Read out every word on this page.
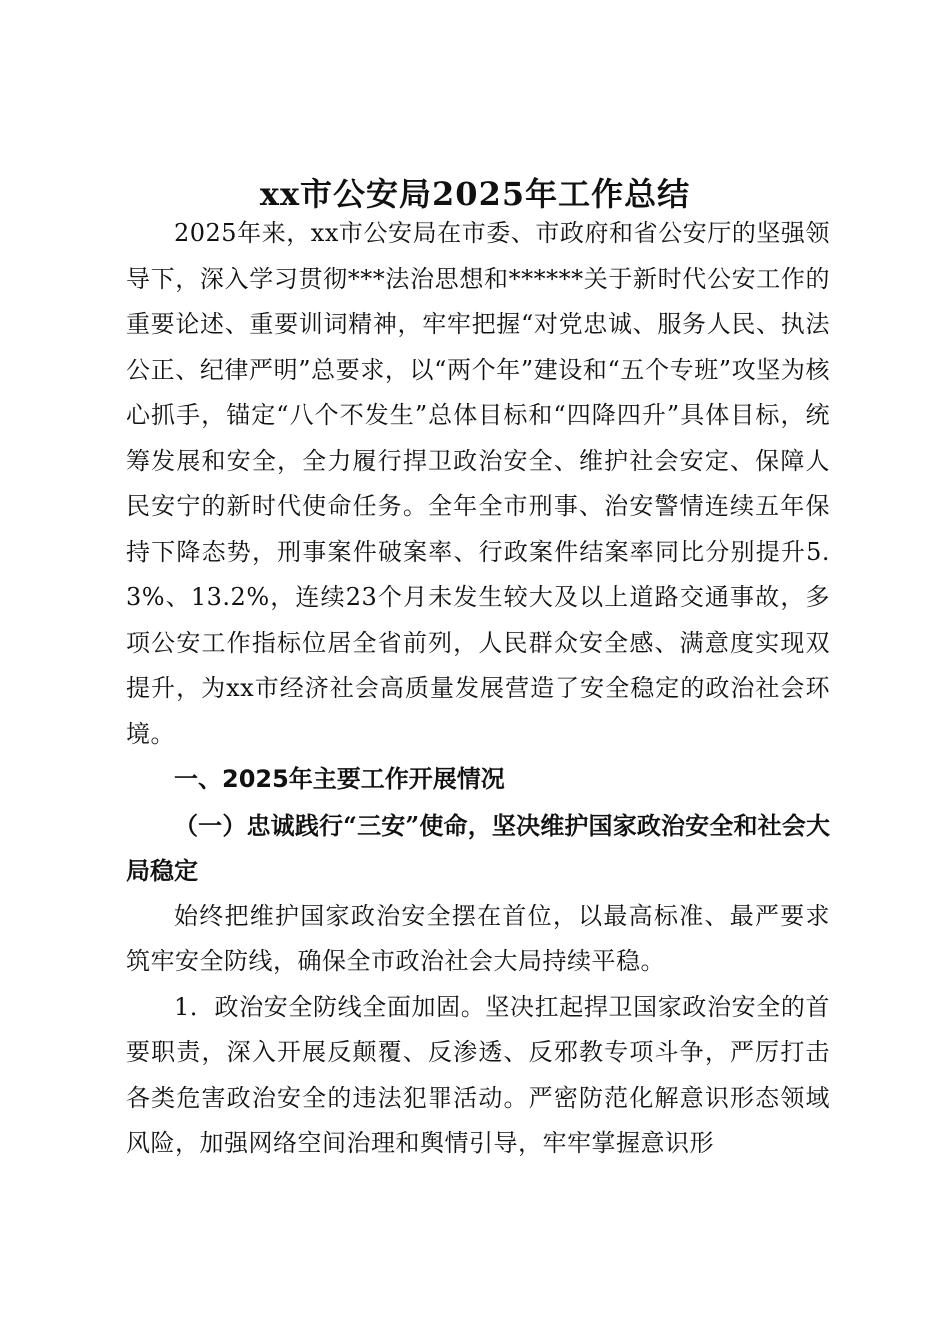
xx市公安局2025年工作总结

2025年来，xx市公安局在市委、市政府和省公安厅的坚强领导下，深入学习贯彻***法治思想和******关于新时代公安工作的重要论述、重要训词精神，牢牢把握“对党忠诚、服务人民、执法公正、纪律严明”总要求，以“两个年”建设和“五个专班”攻坚为核心抓手，锚定“八个不发生”总体目标和“四降四升”具体目标，统筹发展和安全，全力履行捍卫政治安全、维护社会安定、保障人民安宁的新时代使命任务。全年全市刑事、治安警情连续五年保持下降态势，刑事案件破案率、行政案件结案率同比分别提升5.3%、13.2%，连续23个月未发生较大及以上道路交通事故，多项公安工作指标位居全省前列，人民群众安全感、满意度实现双提升，为xx市经济社会高质量发展营造了安全稳定的政治社会环境。

一、2025年主要工作开展情况

（一）忠诚践行“三安”使命，坚决维护国家政治安全和社会大局稳定

始终把维护国家政治安全摆在首位，以最高标准、最严要求筑牢安全防线，确保全市政治社会大局持续平稳。

1．政治安全防线全面加固。坚决扛起捍卫国家政治安全的首要职责，深入开展反颠覆、反渗透、反邪教专项斗争，严厉打击各类危害政治安全的违法犯罪活动。严密防范化解意识形态领域风险，加强网络空间治理和舆情引导，牢牢掌握意识形
